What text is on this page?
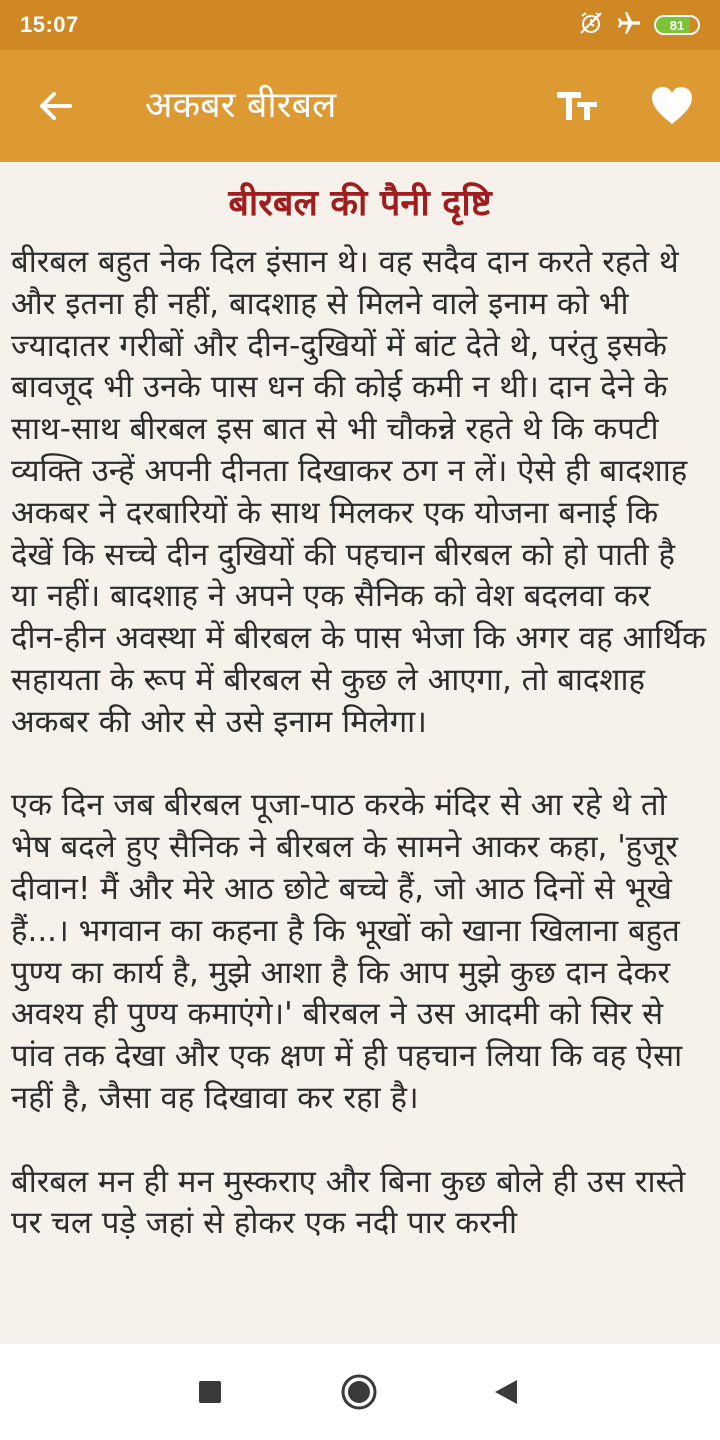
15:07	81
अकबर बीरबल
बीरबल की पैनी दृष्टि

बीरबल बहुत नेक दिल इंसान थे। वह सदैव दान करते रहते थे और इतना ही नहीं, बादशाह से मिलने वाले इनाम को भी ज्यादातर गरीबों और दीन-दुखियों में बांट देते थे, परंतु इसके बावजूद भी उनके पास धन की कोई कमी न थी। दान देने के साथ-साथ बीरबल इस बात से भी चौकन्ने रहते थे कि कपटी व्यक्ति उन्हें अपनी दीनता दिखाकर ठग न लें। ऐसे ही बादशाह अकबर ने दरबारियों के साथ मिलकर एक योजना बनाई कि देखें कि सच्चे दीन दुखियों की पहचान बीरबल को हो पाती है या नहीं। बादशाह ने अपने एक सैनिक को वेश बदलवा कर दीन-हीन अवस्था में बीरबल के पास भेजा कि अगर वह आर्थिक सहायता के रूप में बीरबल से कुछ ले आएगा, तो बादशाह अकबर की ओर से उसे इनाम मिलेगा।

एक दिन जब बीरबल पूजा-पाठ करके मंदिर से आ रहे थे तो भेष बदले हुए सैनिक ने बीरबल के सामने आकर कहा, 'हुजूर दीवान! मैं और मेरे आठ छोटे बच्चे हैं, जो आठ दिनों से भूखे हैं...। भगवान का कहना है कि भूखों को खाना खिलाना बहुत पुण्य का कार्य है, मुझे आशा है कि आप मुझे कुछ दान देकर अवश्य ही पुण्य कमाएंगे।' बीरबल ने उस आदमी को सिर से पांव तक देखा और एक क्षण में ही पहचान लिया कि वह ऐसा नहीं है, जैसा वह दिखावा कर रहा है।

बीरबल मन ही मन मुस्कराए और बिना कुछ बोले ही उस रास्ते पर चल पड़े जहां से होकर एक नदी पार करनी
